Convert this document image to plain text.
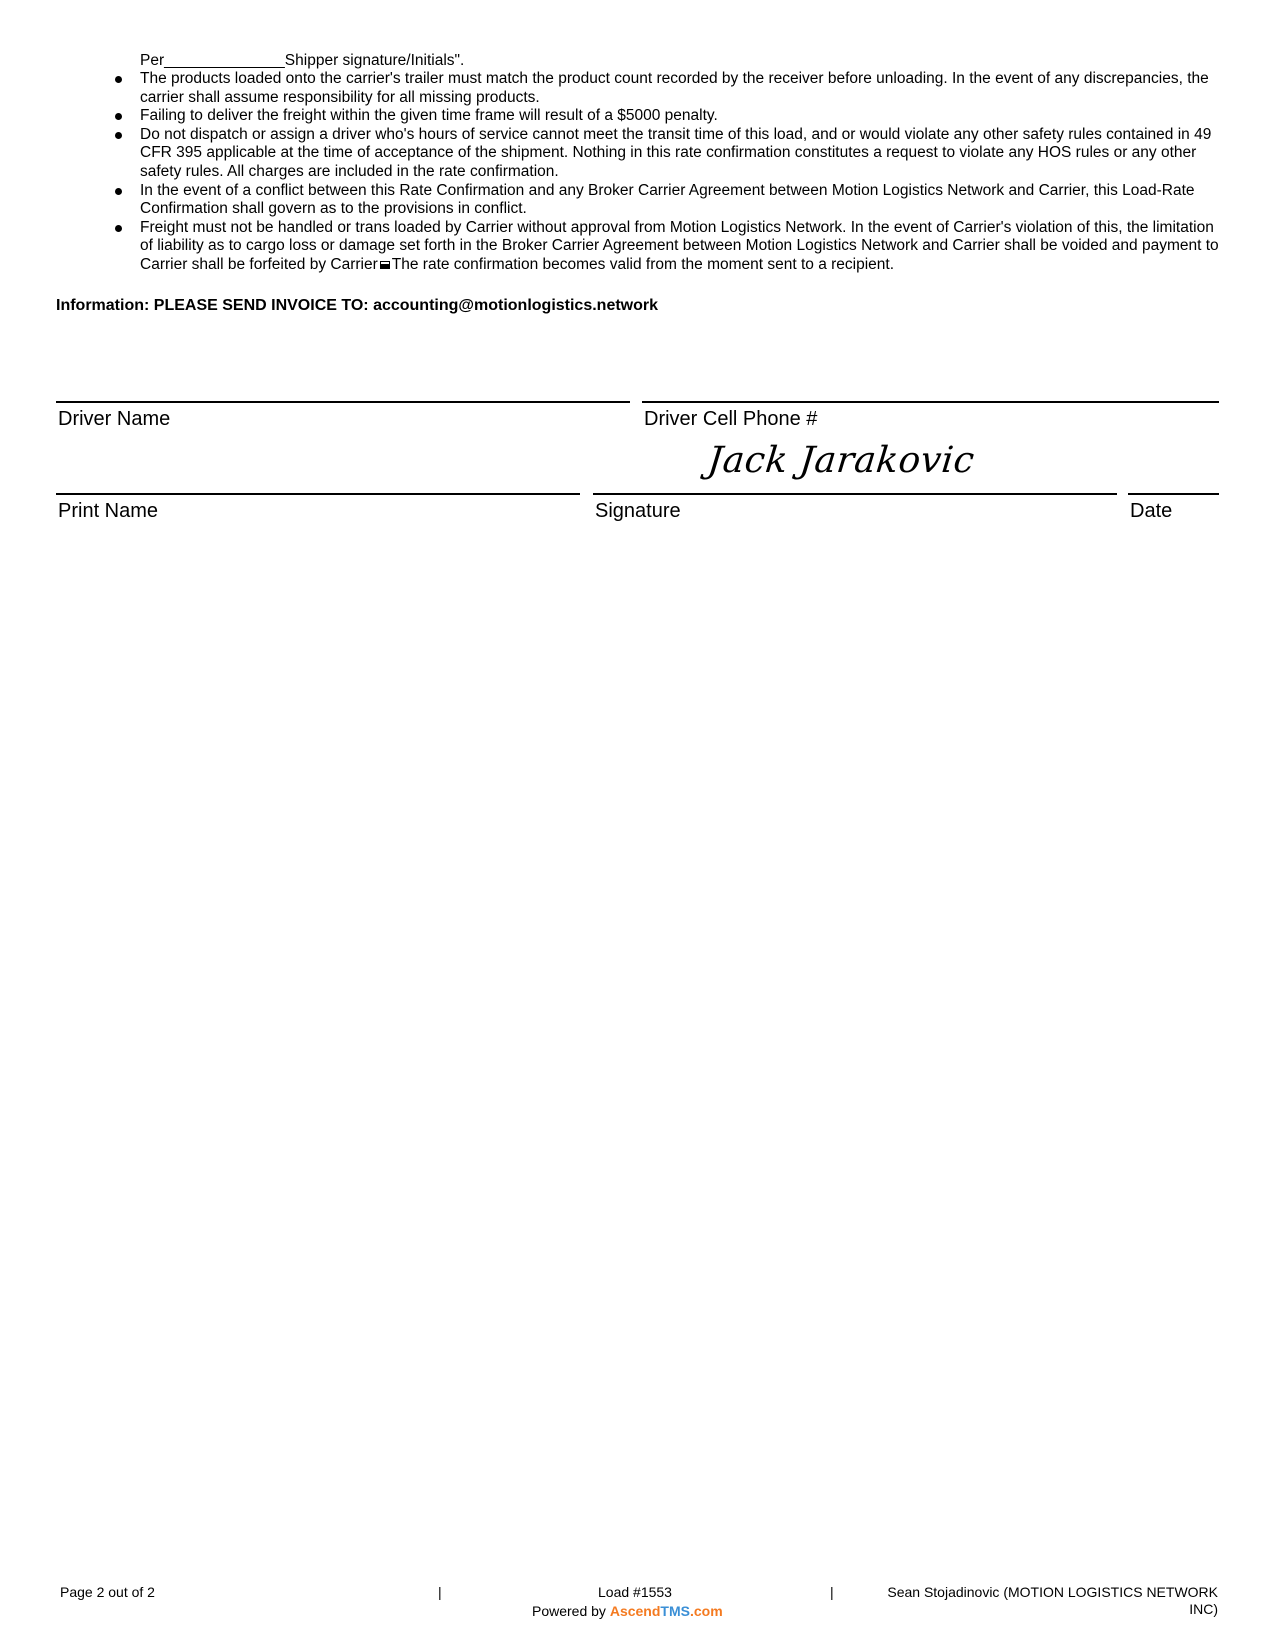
Per______________Shipper signature/Initials".
The products loaded onto the carrier's trailer must match the product count recorded by the receiver before unloading. In the event of any discrepancies, the carrier shall assume responsibility for all missing products.
Failing to deliver the freight within the given time frame will result of a $5000 penalty.
Do not dispatch or assign a driver who's hours of service cannot meet the transit time of this load, and or would violate any other safety rules contained in 49 CFR 395 applicable at the time of acceptance of the shipment. Nothing in this rate confirmation constitutes a request to violate any HOS rules or any other safety rules. All charges are included in the rate confirmation.
In the event of a conflict between this Rate Confirmation and any Broker Carrier Agreement between Motion Logistics Network and Carrier, this Load-Rate Confirmation shall govern as to the provisions in conflict.
Freight must not be handled or trans loaded by Carrier without approval from Motion Logistics Network. In the event of Carrier's violation of this, the limitation of liability as to cargo loss or damage set forth in the Broker Carrier Agreement between Motion Logistics Network and Carrier shall be voided and payment to Carrier shall be forfeited by Carrier The rate confirmation becomes valid from the moment sent to a recipient.
Information: PLEASE SEND INVOICE TO: accounting@motionlogistics.network
Driver Name	Driver Cell Phone #
Jack Jarakovic
Print Name	Signature	Date
Page 2 out of 2	|	Load #1553
Powered by AscendTMS.com
|	Sean Stojadinovic (MOTION LOGISTICS NETWORK
INC)
